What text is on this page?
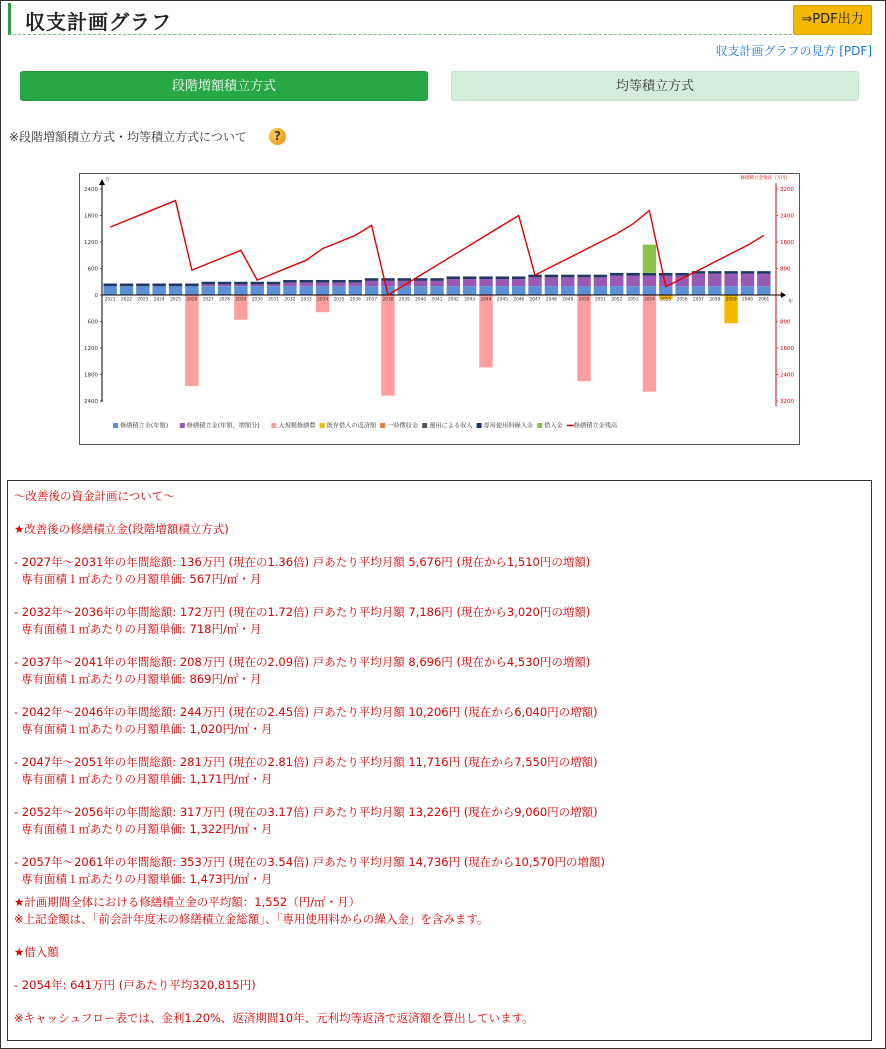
収支計画グラフ	⇒PDF出力
収支計画グラフの見方 [PDF]
段階増額積立方式	均等積立方式
※段階増額積立方式・均等積立方式について	?
万
2400
1800
1200
600
0
600
1200
1800
2400
修繕積立金残高（万円）
3200
2400
1600
800
800
1600
2400
3200
年
2021 2022 2023 2024 2025 2026 2027 2028 2029 2030 2031 2032 2033 2034 2035 2036 2037 2038 2039 2040 2041 2042 2043 2044 2045 2046 2047 2048 2049 2050 2051 2052 2053 2054 2055 2056 2057 2058 2059 2060 2061
修繕積立金(年額)	修繕積立金(年額、増額分)	大規模修繕費 既存借入の返済額 一時徴収金 運用による収入 専用使用料繰入金 借入金 修繕積立金残高

～改善後の資金計画について～

★改善後の修繕積立金(段階増額積立方式)

- 2027年～2031年の年間総額: 136万円 (現在の1.36倍) 戸あたり平均月額 5,676円 (現在から1,510円の増額)

専有面積１㎡あたりの月額単価: 567円/㎡・月

- 2032年～2036年の年間総額: 172万円 (現在の1.72倍) 戸あたり平均月額 7,186円 (現在から3,020円の増額)

専有面積１㎡あたりの月額単価: 718円/㎡・月

- 2037年～2041年の年間総額: 208万円 (現在の2.09倍) 戸あたり平均月額 8,696円 (現在から4,530円の増額)

専有面積１㎡あたりの月額単価: 869円/㎡・月

- 2042年～2046年の年間総額: 244万円 (現在の2.45倍) 戸あたり平均月額 10,206円 (現在から6,040円の増額)

専有面積１㎡あたりの月額単価: 1,020円/㎡・月

- 2047年～2051年の年間総額: 281万円 (現在の2.81倍) 戸あたり平均月額 11,716円 (現在から7,550円の増額)

専有面積１㎡あたりの月額単価: 1,171円/㎡・月

- 2052年～2056年の年間総額: 317万円 (現在の3.17倍) 戸あたり平均月額 13,226円 (現在から9,060円の増額)

専有面積１㎡あたりの月額単価: 1,322円/㎡・月

- 2057年～2061年の年間総額: 353万円 (現在の3.54倍) 戸あたり平均月額 14,736円 (現在から10,570円の増額)

専有面積１㎡あたりの月額単価: 1,473円/㎡・月

★計画期間全体における修繕積立金の平均額：1,552（円/㎡・月）

※上記金額は、「前会計年度末の修繕積立金総額」、「専用使用料からの繰入金」を含みます。

★借入額

- 2054年: 641万円 (戸あたり平均320,815円)

※キャッシュフロー表では、金利1.20%、返済期間10年、元利均等返済で返済額を算出しています。
